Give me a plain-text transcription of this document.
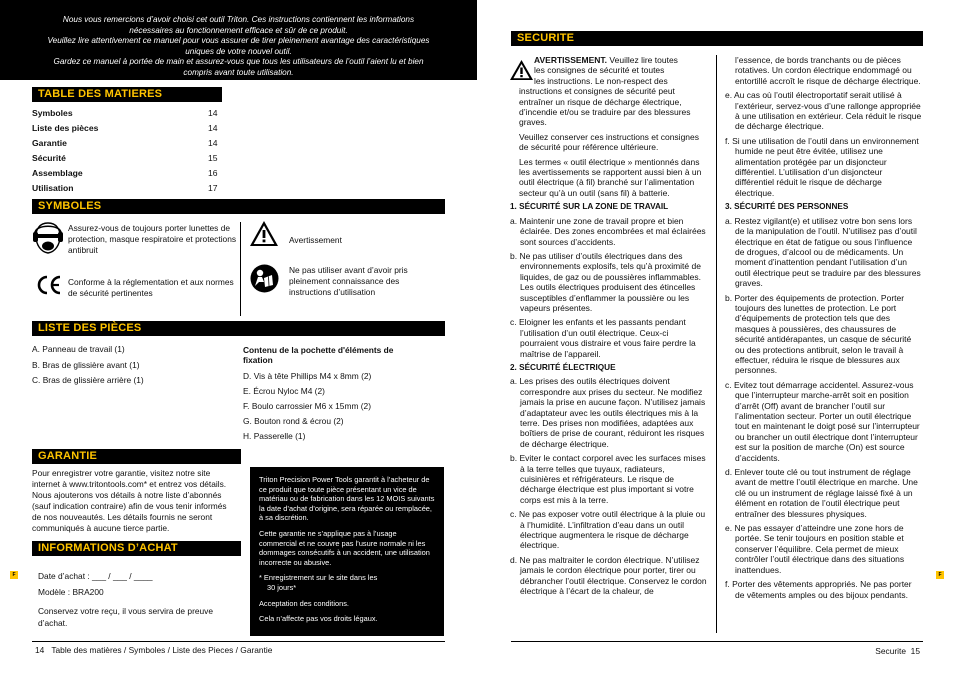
Nous vous remercions d’avoir choisi cet outil Triton. Ces instructions contiennent les informations
nécessaires au fonctionnement efficace et sûr de ce produit.
Veuillez lire attentivement ce manuel pour vous assurer de tirer pleinement avantage des caractéristiques
uniques de votre nouvel outil.
Gardez ce manuel à portée de main et assurez-vous que tous les utilisateurs de l’outil l’aient lu et bien
compris avant toute utilisation.
TABLE DES MATIERES
Symboles	14
Liste des pièces	14
Garantie	14
Sécurité	15
Assemblage	16
Utilisation	17
SYMBOLES
Assurez-vous de toujours porter lunettes de protection, masque respiratoire et protections antibruit
Conforme à la réglementation et aux normes de sécurité pertinentes
Avertissement
Ne pas utiliser avant d’avoir pris pleinement connaissance des instructions d’utilisation
LISTE DES PIÈCES
A. Panneau de travail (1)
B. Bras de glissière avant (1)
C. Bras de glissière arrière (1)
Contenu de la pochette d'éléments de fixation
D. Vis à tête Phillips M4 x 8mm (2)
E. Écrou Nyloc M4 (2)
F. Boulo carrossier M6 x 15mm (2)
G. Bouton rond & écrou (2)
H. Passerelle (1)
GARANTIE
Pour enregistrer votre garantie, visitez notre site internet à www.tritontools.com* et entrez vos détails. Nous ajouterons vos détails à notre liste d’abonnés (sauf indication contraire) afin de vous tenir informés de nos nouveautés. Les détails fournis ne seront communiqués à aucune tierce partie.

Triton Precision Power Tools garantit à l’acheteur de ce produit que toute pièce présentant un vice de matériau ou de fabrication dans les 12 MOIS suivants la date d’achat d’origine, sera réparée ou remplacée, à sa discrétion.

Cette garantie ne s’applique pas à l’usage commercial et ne couvre pas l’usure normale ni les dommages consécutifs à un accident, une utilisation incorrecte ou abusive.

* Enregistrement sur le site dans les

30 jours*

Acceptation des conditions.

Cela n’affecte pas vos droits légaux.

INFORMATIONS D’ACHAT
Date d’achat : ___ / ___ / ____
Modèle : BRA200
Conservez votre reçu, il vous servira de preuve d’achat.
F
14 Table des matières / Symboles / Liste des Pieces / Garantie
SECURITE
AVERTISSEMENT. Veuillez lire toutes
les consignes de sécurité et toutes
les instructions. Le non-respect des
instructions et consignes de sécurité peut entraîner un risque de décharge électrique, d’incendie et/ou se traduire par des blessures graves.
Veuillez conserver ces instructions et consignes de sécurité pour référence ultérieure.
Les termes « outil électrique » mentionnés dans les avertissements se rapportent aussi bien à un outil électrique (à fil) branché sur l’alimentation secteur qu’à un outil (sans fil) à batterie.
1. SÉCURITÉ SUR LA ZONE DE TRAVAIL
a. Maintenir une zone de travail propre et bien éclairée. Des zones encombrées et mal éclairées sont sources d’accidents.
b. Ne pas utiliser d’outils électriques dans des environnements explosifs, tels qu’à proximité de liquides, de gaz ou de poussières inflammables. Les outils électriques produisent des étincelles susceptibles d’enflammer la poussière ou les vapeurs présentes.
c. Eloigner les enfants et les passants pendant l’utilisation d’un outil électrique. Ceux-ci pourraient vous distraire et vous faire perdre la maîtrise de l’appareil.
2. SÉCURITÉ ÉLECTRIQUE
a. Les prises des outils électriques doivent correspondre aux prises du secteur. Ne modifiez jamais la prise en aucune façon. N’utilisez jamais d’adaptateur avec les outils électriques mis à la terre. Des prises non modifiées, adaptées aux boîtiers de prise de courant, réduiront les risques de décharge électrique.
b. Eviter le contact corporel avec les surfaces mises à la terre telles que tuyaux, radiateurs, cuisinières et réfrigérateurs. Le risque de décharge électrique est plus important si votre corps est mis à la terre.
c. Ne pas exposer votre outil électrique à la pluie ou à l’humidité. L’infiltration d’eau dans un outil électrique augmentera le risque de décharge électrique.
d. Ne pas maltraiter le cordon électrique. N’utilisez jamais le cordon électrique pour porter, tirer ou débrancher l’outil électrique. Conservez le cordon électrique à l’écart de la chaleur, de
l’essence, de bords tranchants ou de pièces rotatives. Un cordon électrique endommagé ou entortillé accroît le risque de décharge électrique.
e. Au cas où l’outil électroportatif serait utilisé à l’extérieur, servez-vous d’une rallonge appropriée à une utilisation en extérieur. Cela réduit le risque de décharge électrique.
f. Si une utilisation de l’outil dans un environnement humide ne peut être évitée, utilisez une alimentation protégée par un disjoncteur différentiel. L’utilisation d’un disjoncteur différentiel réduit le risque de décharge électrique.
3. SÉCURITÉ DES PERSONNES
a. Restez vigilant(e) et utilisez votre bon sens lors de la manipulation de l’outil. N’utilisez pas d’outil électrique en état de fatigue ou sous l’influence de drogues, d’alcool ou de médicaments. Un moment d’inattention pendant l’utilisation d’un outil électrique peut se traduire par des blessures graves.
b. Porter des équipements de protection. Porter toujours des lunettes de protection. Le port d’équipements de protection tels que des masques à poussières, des chaussures de sécurité antidérapantes, un casque de sécurité ou des protections antibruit, selon le travail à effectuer, réduira le risque de blessures aux personnes.
c. Evitez tout démarrage accidentel. Assurez-vous que l’interrupteur marche-arrêt soit en position d’arrêt (Off) avant de brancher l’outil sur l’alimentation secteur. Porter un outil électrique tout en maintenant le doigt posé sur l’interrupteur ou brancher un outil électrique dont l’interrupteur est sur la position de marche (On) est source d’accidents.
d. Enlever toute clé ou tout instrument de réglage avant de mettre l’outil électrique en marche. Une clé ou un instrument de réglage laissé fixé à un élément en rotation de l’outil électrique peut entraîner des blessures physiques.
e. Ne pas essayer d’atteindre une zone hors de portée. Se tenir toujours en position stable et conserver l’équilibre. Cela permet de mieux contrôler l’outil électrique dans des situations inattendues.
f. Porter des vêtements appropriés. Ne pas porter de vêtements amples ou des bijoux pendants.
F
Securite 15
